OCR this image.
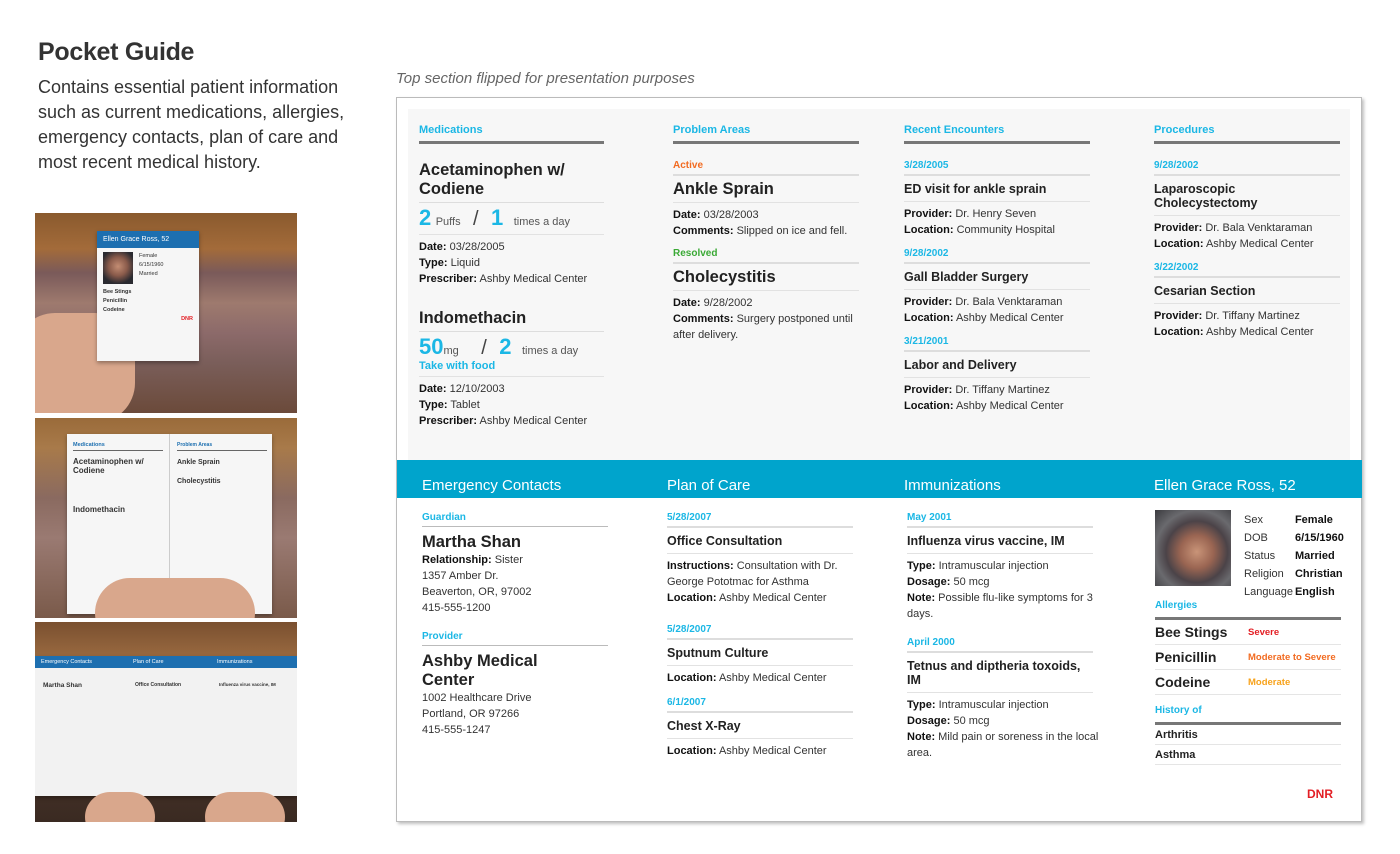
Pocket Guide
Contains essential patient information such as current medications, allergies, emergency contacts, plan of care and most recent medical history.
Ellen Grace Ross, 52
Female
6/15/1960
Married
Bee Stings
Penicillin
Codeine
DNR
Medications
Acetaminophen w/ Codiene
Indomethacin
Problem Areas
Ankle Sprain
Cholecystitis
Emergency Contacts	Plan of Care	Immunizations
Martha Shan	Office Consultation	Influenza virus vaccine, IM
Top section flipped for presentation purposes
Medications
Acetaminophen w/ Codiene
2 Puffs / 1 times a day
Date: 03/28/2005
Type: Liquid
Prescriber: Ashby Medical Center
Indomethacin
50mg / 2 times a day
Take with food
Date: 12/10/2003
Type: Tablet
Prescriber: Ashby Medical Center
Problem Areas
Active
Ankle Sprain
Date: 03/28/2003
Comments: Slipped on ice and fell.
Resolved
Cholecystitis
Date: 9/28/2002
Comments: Surgery postponed until after delivery.
Recent Encounters
3/28/2005
ED visit for ankle sprain
Provider: Dr. Henry Seven
Location: Community Hospital
9/28/2002
Gall Bladder Surgery
Provider: Dr. Bala Venktaraman
Location: Ashby Medical Center
3/21/2001
Labor and Delivery
Provider: Dr. Tiffany Martinez
Location: Ashby Medical Center
Procedures
9/28/2002
Laparoscopic Cholecystectomy
Provider: Dr. Bala Venktaraman
Location: Ashby Medical Center
3/22/2002
Cesarian Section
Provider: Dr. Tiffany Martinez
Location: Ashby Medical Center
Emergency Contacts	Plan of Care	Immunizations	Ellen Grace Ross, 52
Guardian
Martha Shan
Relationship: Sister
1357 Amber Dr.
Beaverton, OR, 97002
415-555-1200
Provider
Ashby Medical Center
1002 Healthcare Drive
Portland, OR 97266
415-555-1247
5/28/2007
Office Consultation
Instructions: Consultation with Dr. George Pototmac for Asthma
Location: Ashby Medical Center
5/28/2007
Sputnum Culture
Location: Ashby Medical Center
6/1/2007
Chest X-Ray
Location: Ashby Medical Center
May 2001
Influenza virus vaccine, IM
Type: Intramuscular injection
Dosage: 50 mcg
Note: Possible flu-like symptoms for 3 days.
April 2000
Tetnus and diptheria toxoids, IM
Type: Intramuscular injection
Dosage: 50 mcg
Note: Mild pain or soreness in the local area.
Sex	Female
DOB	6/15/1960
Status	Married
Religion	Christian
Language	English
Allergies
Bee Stings	Severe
Penicillin	Moderate to Severe
Codeine	Moderate
History of
Arthritis
Asthma
DNR
